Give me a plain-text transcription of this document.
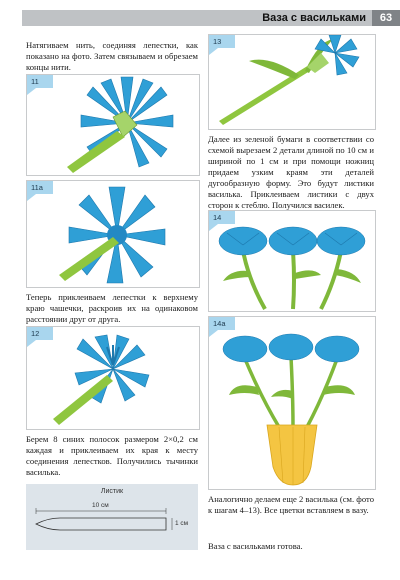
Ваза с васильками	63

Натягиваем нить, соединяя лепестки, как показано на фото. Затем связываем и обрезаем концы нити.

11
11a

Теперь приклеиваем лепестки к верхнему краю чашечки, раскроив их на одинаковом расстоянии друг от друга.

12

Берем 8 синих полосок размером 2×0,2 см каждая и приклеиваем их края к месту соединения лепестков. Получились тычинки василька.

Листик
10 см
1 см
13

Далее из зеленой бумаги в соответствии со схемой вырезаем 2 детали длиной по 10 см и шириной по 1 см и при помощи ножниц придаем узким краям эти деталей дугообразную форму. Это будут листики василька. Приклеиваем листики с двух сторон к стеблю. Получился василек.

14
14a

Аналогично делаем еще 2 василька (см. фото к шагам 4–13). Все цветки вставляем в вазу.

Ваза с васильками готова.
